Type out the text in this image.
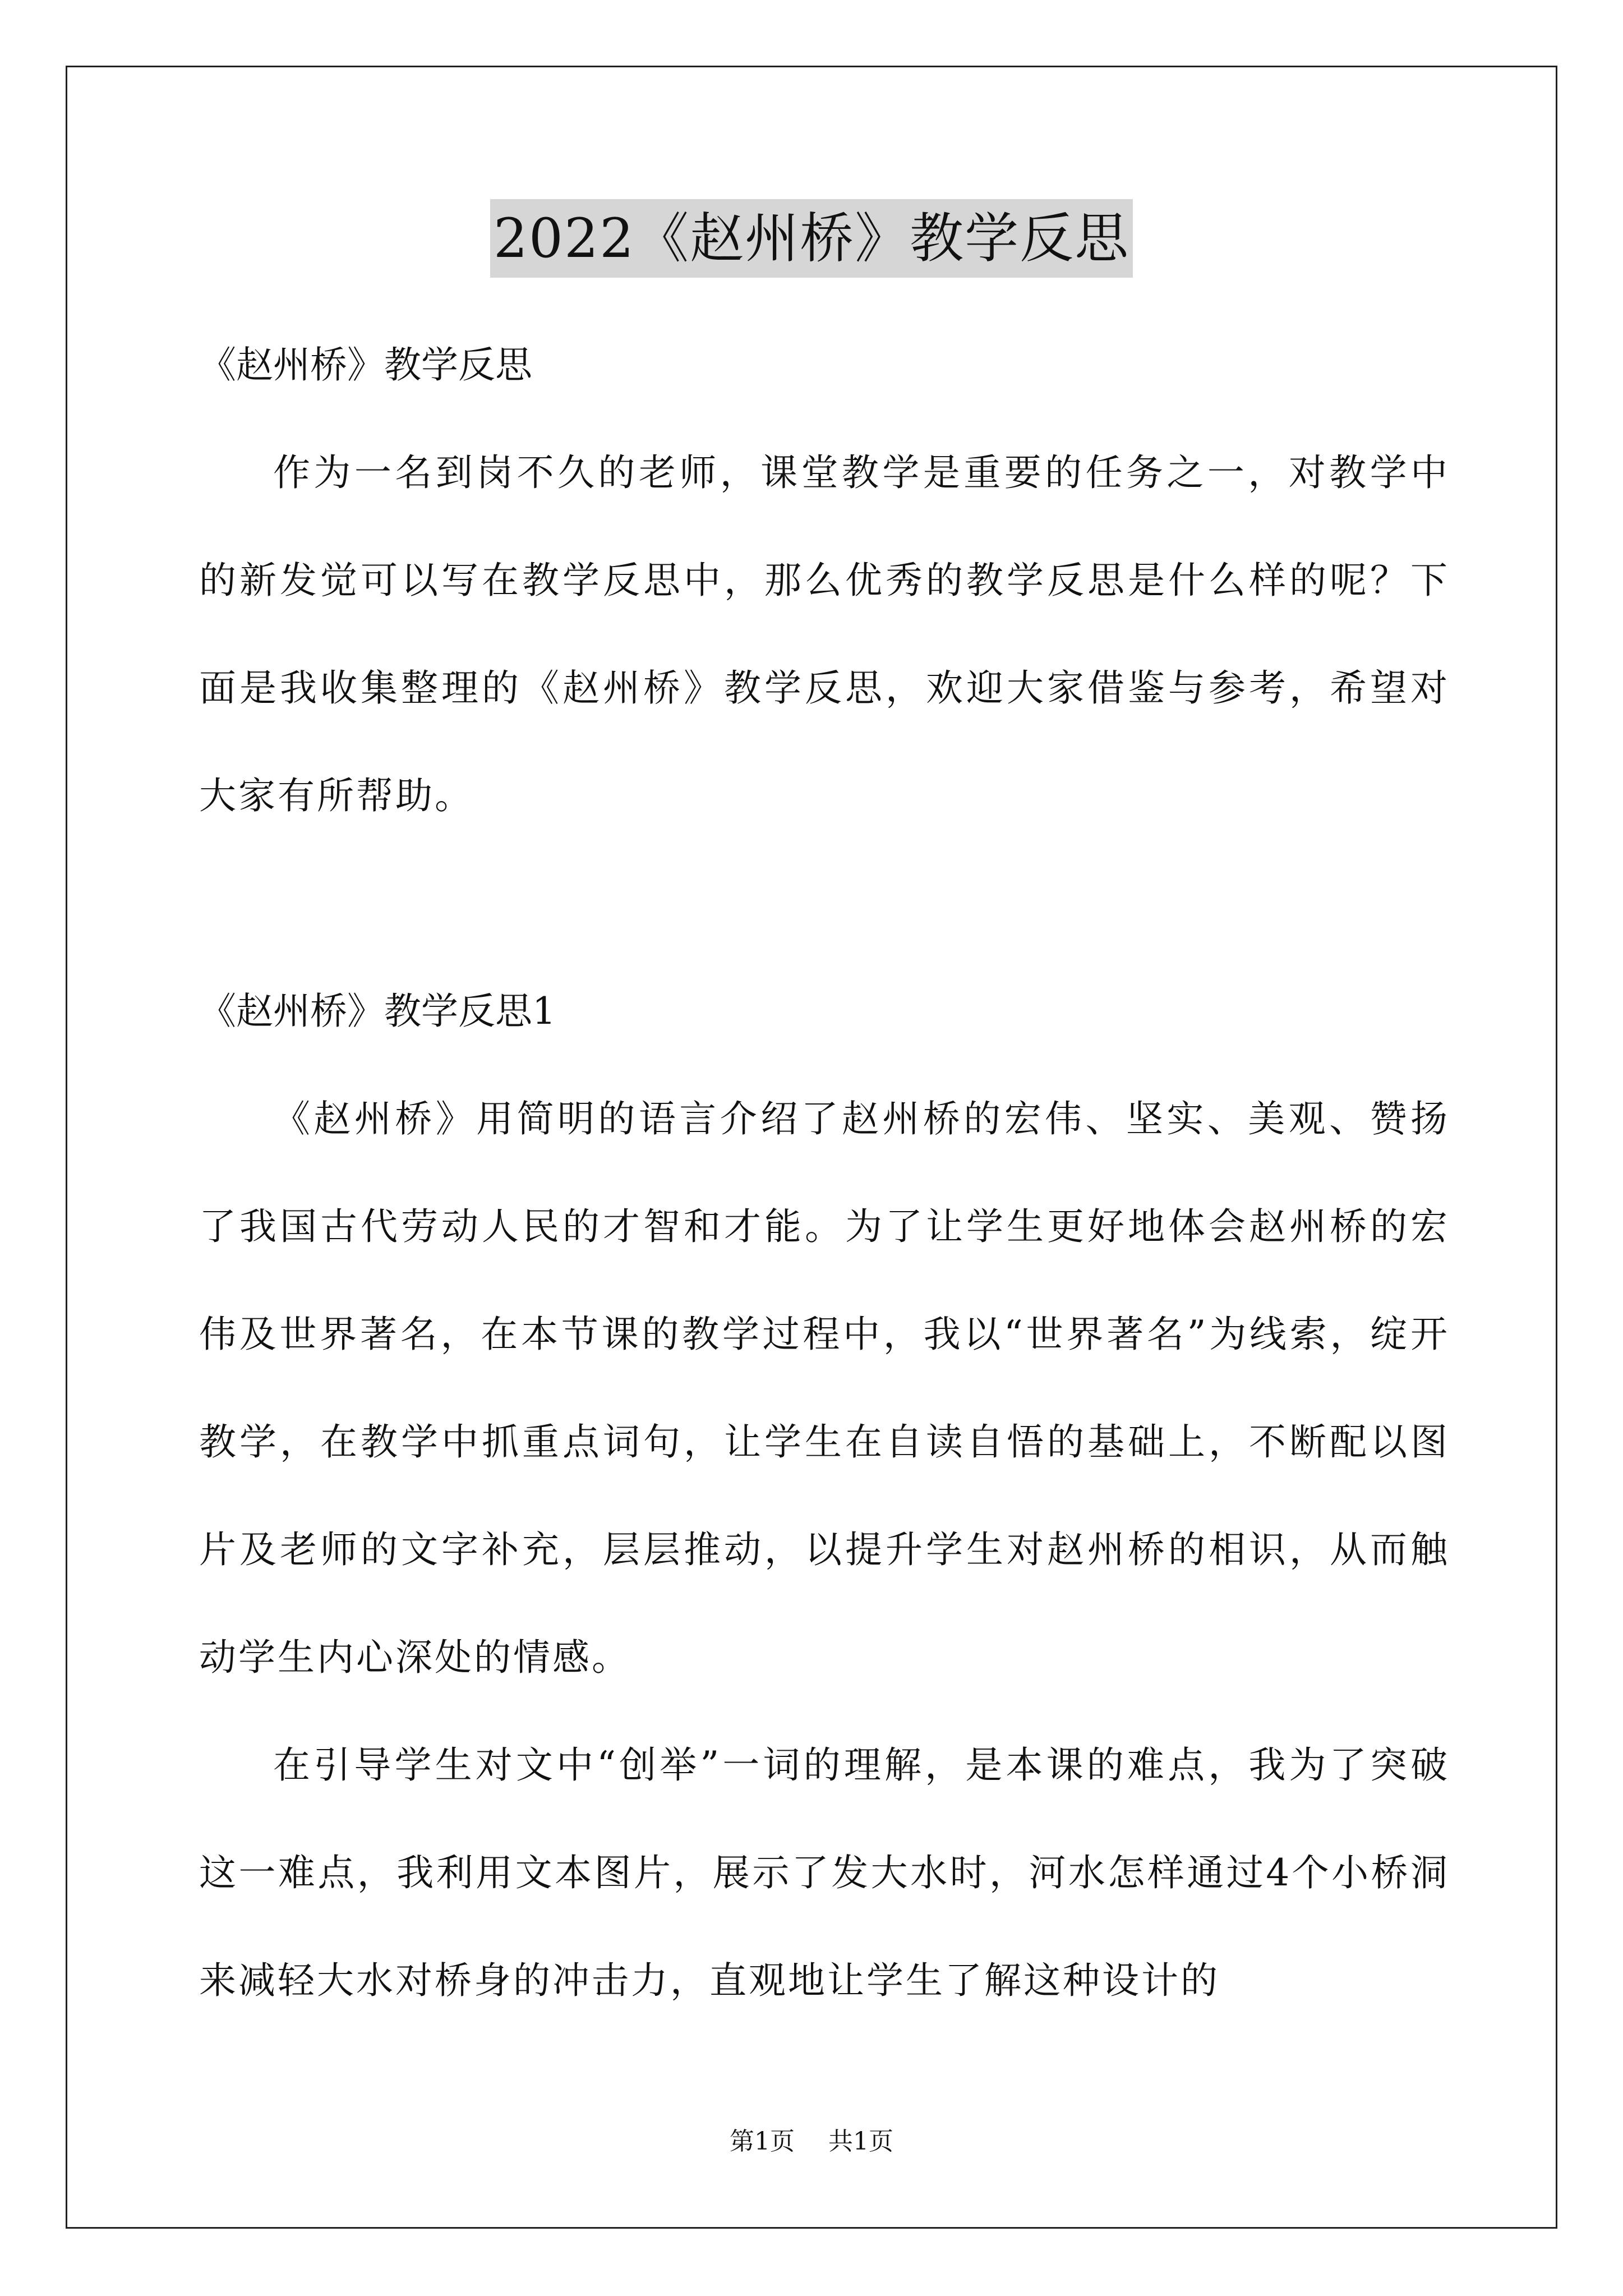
2022《赵州桥》教学反思

《赵州桥》教学反思

作为一名到岗不久的老师，课堂教学是重要的任务之一，对教学中的新发觉可以写在教学反思中，那么优秀的教学反思是什么样的呢？下面是我收集整理的《赵州桥》教学反思，欢迎大家借鉴与参考，希望对大家有所帮助。

《赵州桥》教学反思1

《赵州桥》用简明的语言介绍了赵州桥的宏伟、坚实、美观、赞扬了我国古代劳动人民的才智和才能。为了让学生更好地体会赵州桥的宏伟及世界著名，在本节课的教学过程中，我以“世界著名”为线索，绽开教学，在教学中抓重点词句，让学生在自读自悟的基础上，不断配以图片及老师的文字补充，层层推动，以提升学生对赵州桥的相识，从而触动学生内心深处的情感。

在引导学生对文中“创举”一词的理解，是本课的难点，我为了突破这一难点，我利用文本图片，展示了发大水时，河水怎样通过4个小桥洞来减轻大水对桥身的冲击力，直观地让学生了解这种设计的

第1页 共1页
